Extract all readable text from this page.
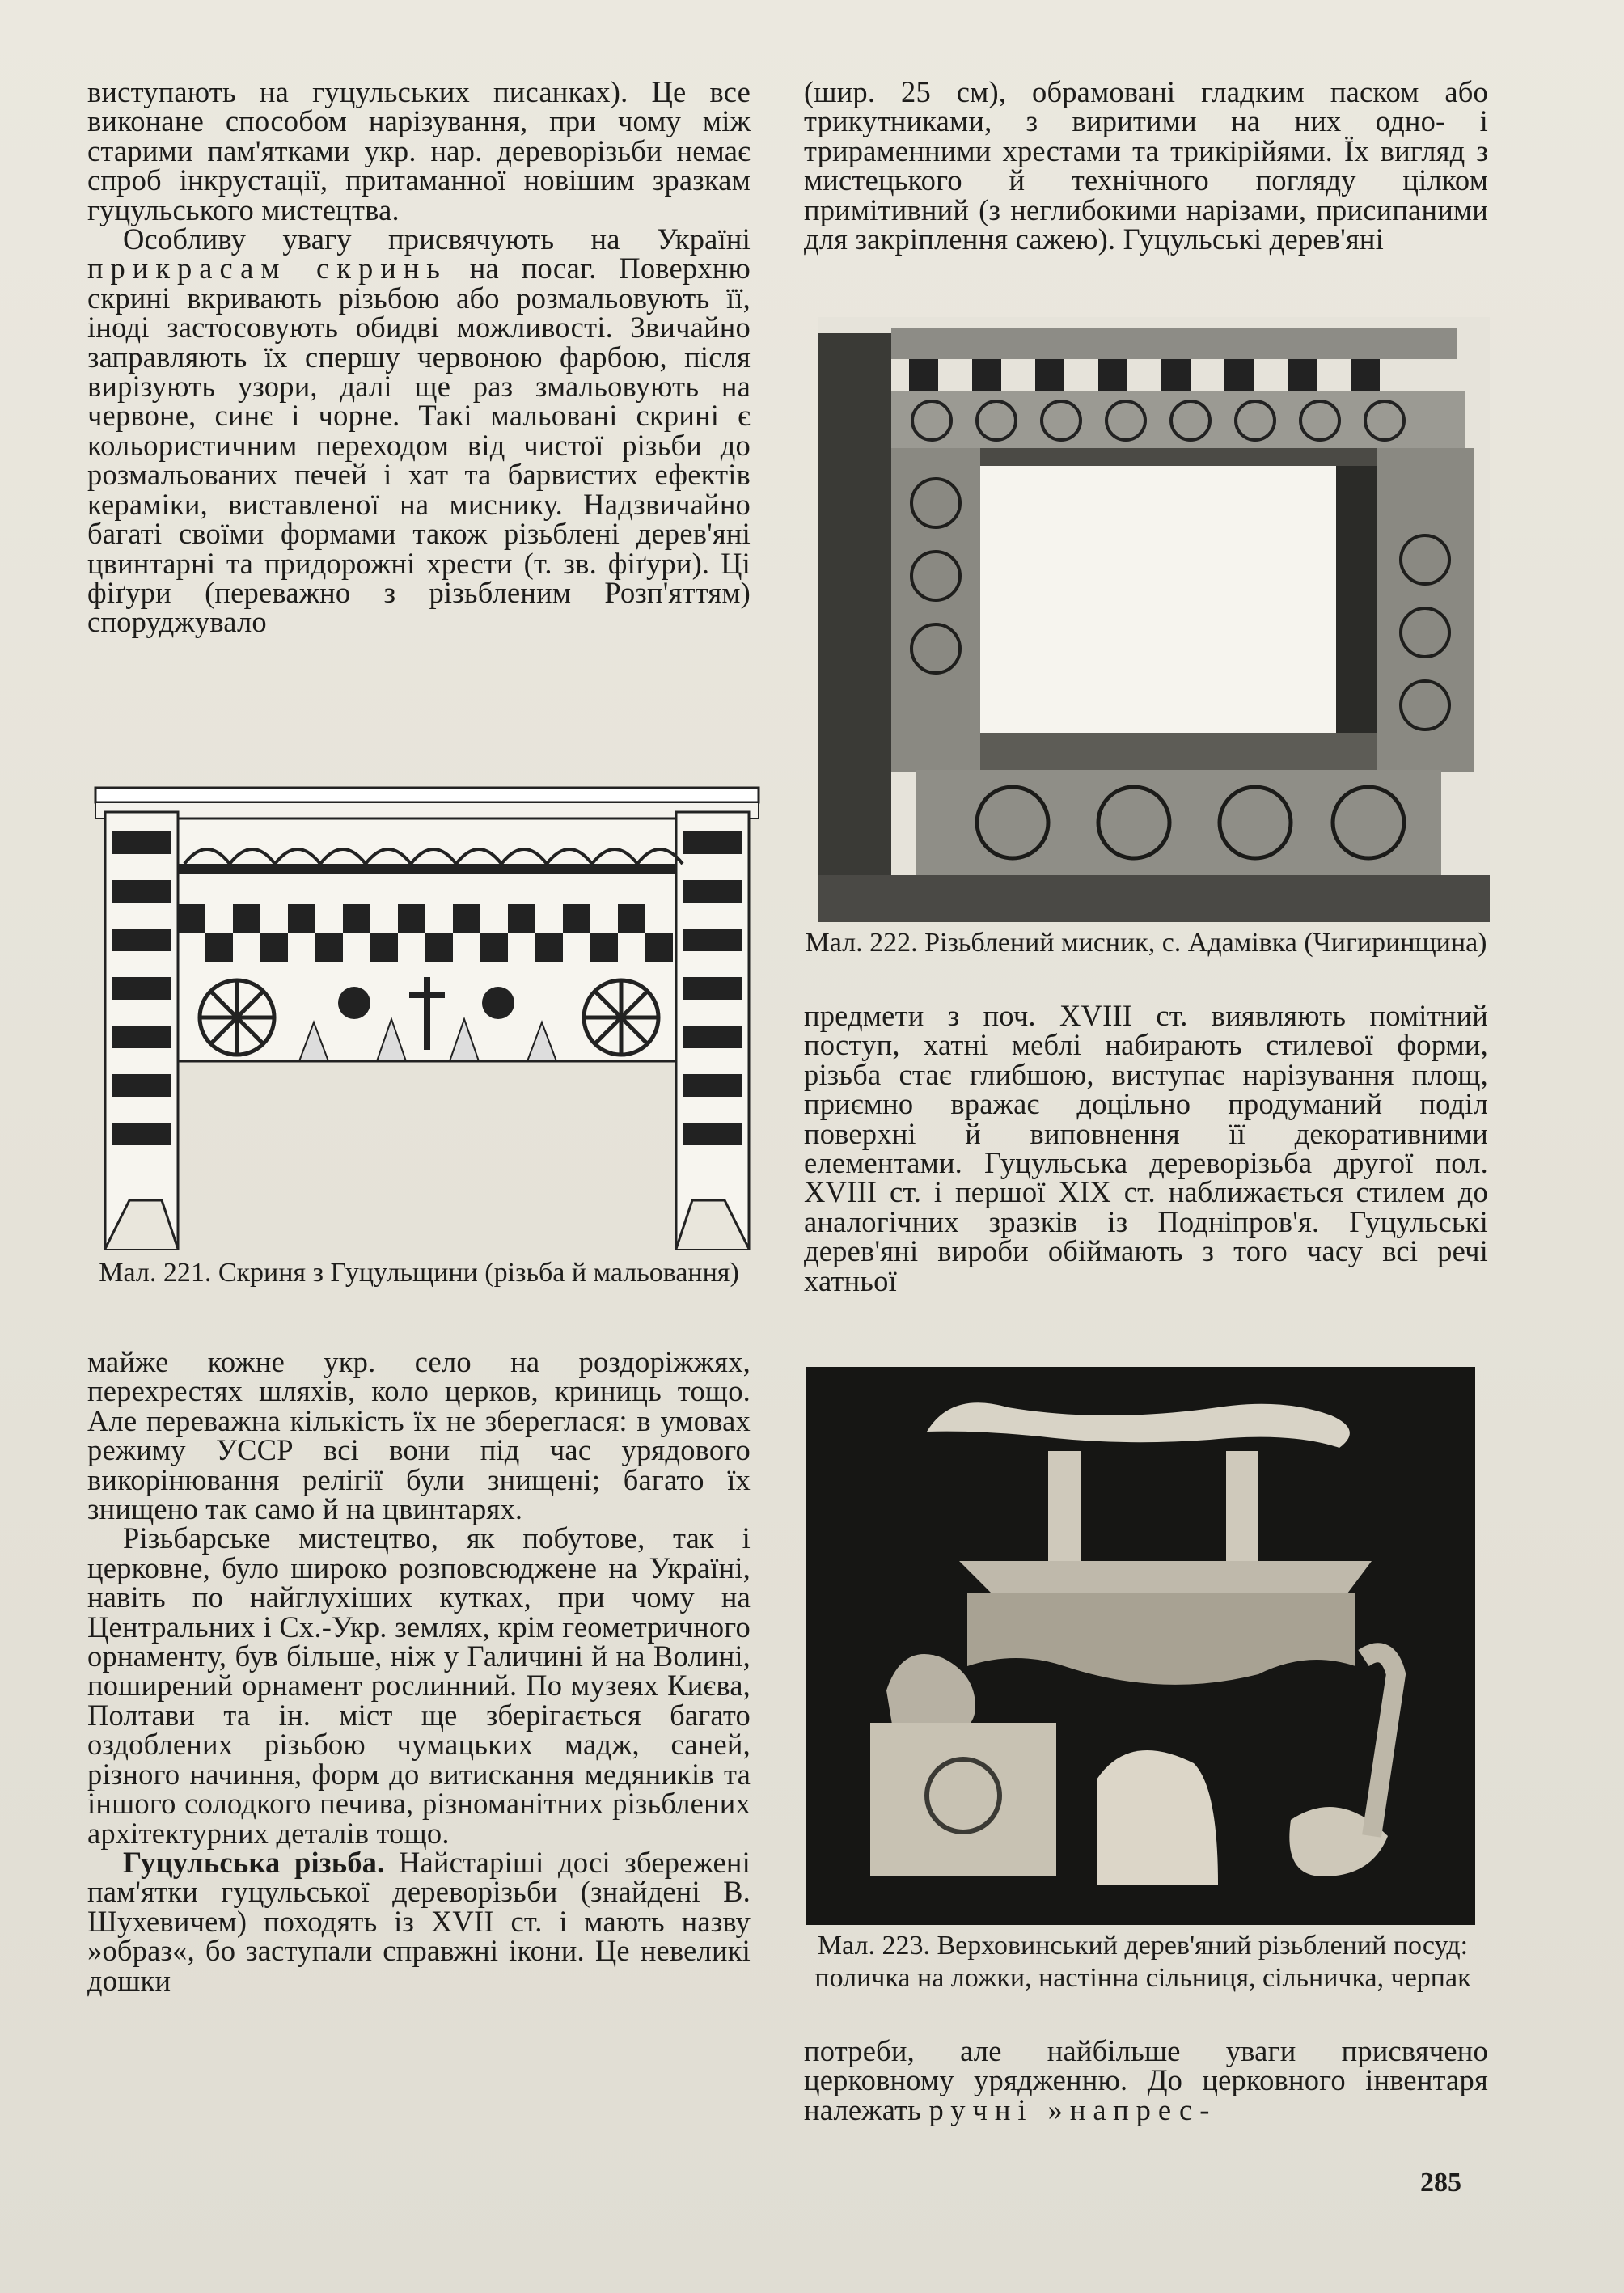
виступають на гуцульських писанках). Це все виконане способом нарізування, при чому між старими пам'ятками укр. нар. дереворізьби немає спроб інкрустації, притаманної новішим зразкам гуцульського мистецтва.

Особливу увагу присвячують на Україні прикрасам скринь на посаг. Поверхню скрині вкривають різьбою або розмальовують її, іноді застосовують обидві можливості. Звичайно заправляють їх спершу червоною фарбою, після вирізують узори, далі ще раз змальовують на червоне, синє і чорне. Такі мальовані скрині є кольористичним переходом від чистої різьби до розмальованих печей і хат та барвистих ефектів кераміки, виставленої на миснику. Надзвичайно багаті своїми формами також різьблені дерев'яні цвинтарні та придорожні хрести (т. зв. фіґури). Ці фіґури (переважно з різьбленим Розп'яттям) споруджувало

Мал. 221. Скриня з Гуцульщини (різьба й мальовання)

майже кожне укр. село на роздоріжжях, перехрестях шляхів, коло церков, криниць тощо. Але переважна кількість їх не збереглася: в умовах режиму УССР всі вони під час урядового викорінювання релігії були знищені; багато їх знищено так само й на цвинтарях.

Різьбарське мистецтво, як побутове, так і церковне, було широко розповсюджене на Україні, навіть по найглухіших кутках, при чому на Центральних і Сх.-Укр. землях, крім геометричного орнаменту, був більше, ніж у Галичині й на Волині, поширений орнамент рослинний. По музеях Києва, Полтави та ін. міст ще зберігається багато оздоблених різьбою чумацьких мадж, саней, різного начиння, форм до витискання медяників та іншого солодкого печива, різноманітних різьблених архітектурних деталів тощо.

Гуцульська різьба. Найстаріші досі збережені пам'ятки гуцульської дереворізьби (знайдені В. Шухевичем) походять із XVII ст. і мають назву »образ«, бо заступали справжні ікони. Це невеликі дошки

(шир. 25 см), обрамовані гладким паском або трикутниками, з виритими на них одно- і трираменними хрестами та трикірійями. Їх вигляд з мистецького й технічного погляду цілком примітивний (з неглибокими нарізами, присипаними для закріплення сажею). Гуцульські дерев'яні

Мал. 222. Різьблений мисник, с. Адамівка (Чигиринщина)

предмети з поч. XVIII ст. виявляють помітний поступ, хатні меблі набирають стилевої форми, різьба стає глибшою, виступає нарізування площ, приємно вражає доцільно продуманий поділ поверхні й виповнення її декоративними елементами. Гуцульська дереворізьба другої пол. XVIII ст. і першої XIX ст. наближається стилем до аналогічних зразків із Подніпров'я. Гуцульські дерев'яні вироби обіймають з того часу всі речі хатньої

Мал. 223. Верховинський дерев'яний різьблений посуд: поличка на ложки, настінна сільниця, сільничка, черпак

потреби, але найбільше уваги присвячено церковному урядженню. До церковного інвентаря належать ручні »напрес-

285
